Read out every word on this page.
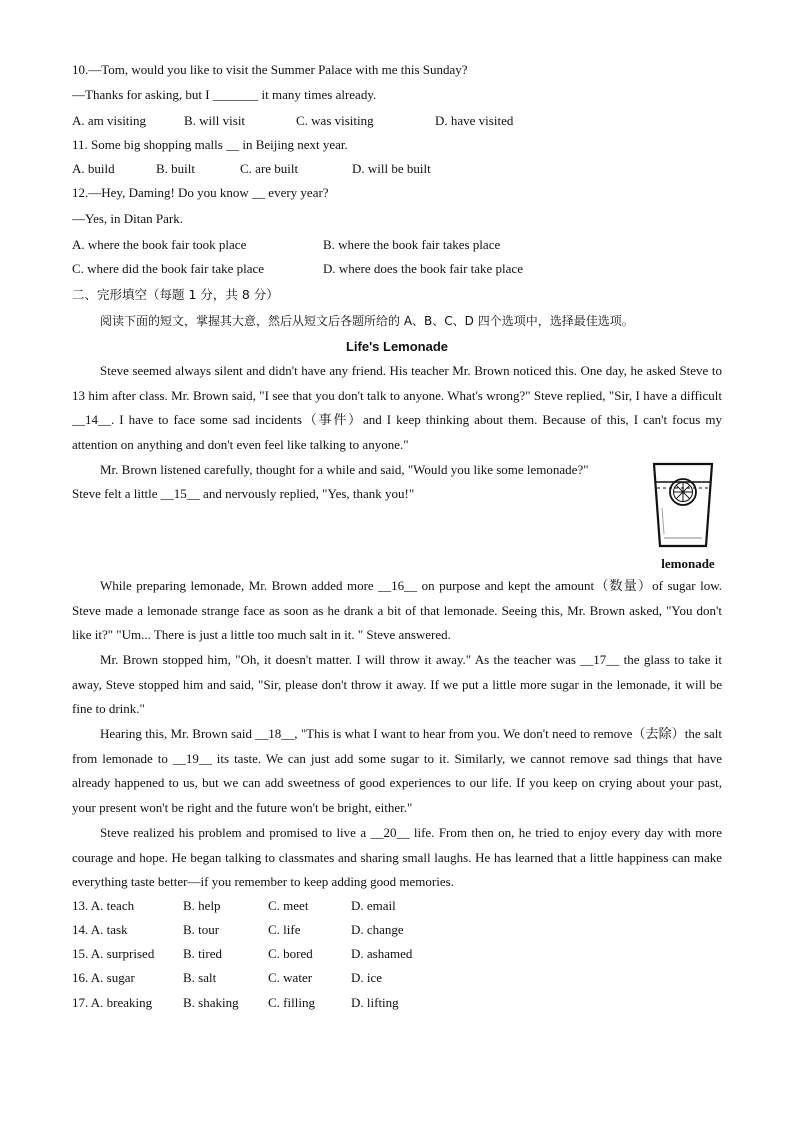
10.—Tom, would you like to visit the Summer Palace with me this Sunday?
—Thanks for asking, but I _______ it many times already.
A. am visiting	B. will visit	C. was visiting	D. have visited
11. Some big shopping malls __ in Beijing next year.
A. build	B. built	C. are built	D. will be built
12.—Hey, Daming! Do you know __ every year?
—Yes, in Ditan Park.
A. where the book fair took place	B. where the book fair takes place
C. where did the book fair take place	D. where does the book fair take place
二、完形填空（每题 1 分，共 8 分）
阅读下面的短文，掌握其大意，然后从短文后各题所给的 A、B、C、D 四个选项中，选择最佳选项。
Life's Lemonade

Steve seemed always silent and didn't have any friend. His teacher Mr. Brown noticed this. One day, he asked Steve to 13 him after class. Mr. Brown said, "I see that you don't talk to anyone. What's wrong?" Steve replied, "Sir, I have a difficult __14__. I have to face some sad incidents（事件）and I keep thinking about them. Because of this, I can't focus my attention on anything and don't even feel like talking to anyone."

Mr. Brown listened carefully, thought for a while and said, "Would you like some lemonade?"

Steve felt a little __15__ and nervously replied, "Yes, thank you!"

lemonade

While preparing lemonade, Mr. Brown added more __16__ on purpose and kept the amount（数量）of sugar low. Steve made a lemonade strange face as soon as he drank a bit of that lemonade. Seeing this, Mr. Brown asked, "You don't like it?" "Um... There is just a little too much salt in it. " Steve answered.

Mr. Brown stopped him, "Oh, it doesn't matter. I will throw it away." As the teacher was __17__ the glass to take it away, Steve stopped him and said, "Sir, please don't throw it away. If we put a little more sugar in the lemonade, it will be fine to drink."

Hearing this, Mr. Brown said __18__, "This is what I want to hear from you. We don't need to remove（去除）the salt from lemonade to __19__ its taste. We can just add some sugar to it. Similarly, we cannot remove sad things that have already happened to us, but we can add sweetness of good experiences to our life. If you keep on crying about your past, your present won't be right and the future won't be bright, either."

Steve realized his problem and promised to live a __20__ life. From then on, he tried to enjoy every day with more courage and hope. He began talking to classmates and sharing small laughs. He has learned that a little happiness can make everything taste better—if you remember to keep adding good memories.

13. A. teach	B. help	C. meet	D. email
14. A. task	B. tour	C. life	D. change
15. A. surprised B. tired	C. bored	D. ashamed
16. A. sugar	B. salt	C. water	D. ice
17. A. breaking B. shaking C. filling	D. lifting
